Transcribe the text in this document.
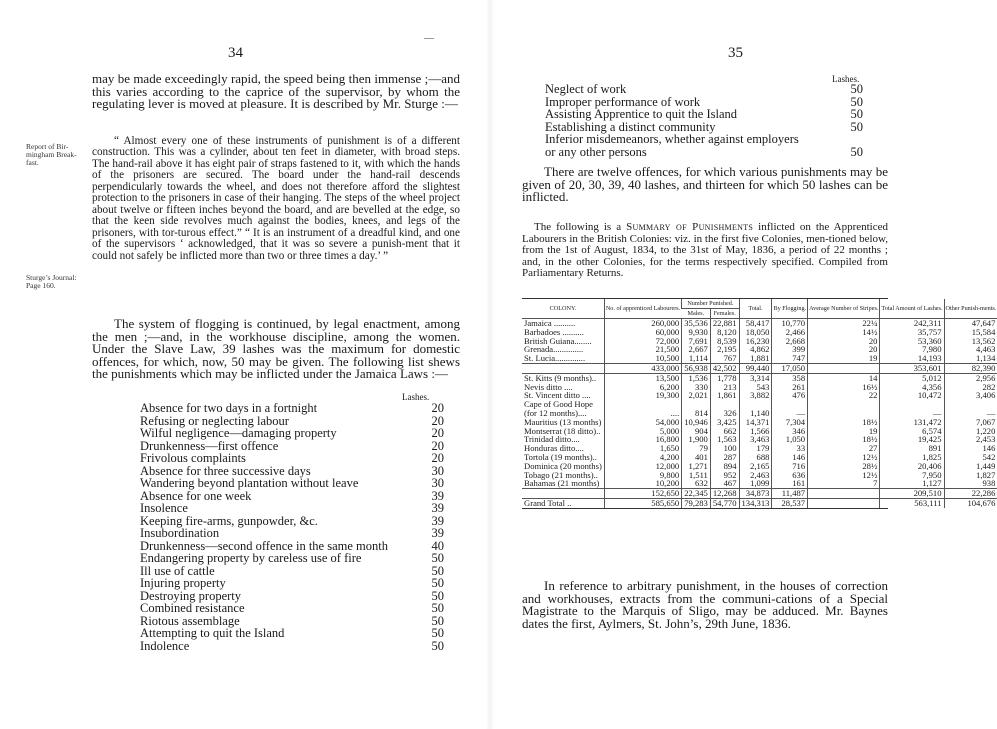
34

may be made exceedingly rapid, the speed being then immense ;—and this varies according to the caprice of the supervisor, by whom the regulating lever is moved at pleasure. It is described by Mr. Sturge :—

Report of Bir-mingham Break-fast.

“ Almost every one of these instruments of punishment is of a different construction. This was a cylinder, about ten feet in diameter, with broad steps. The hand-rail above it has eight pair of straps fastened to it, with which the hands of the prisoners are secured. The board under the hand-rail descends perpendicularly towards the wheel, and does not therefore afford the slightest protection to the prisoners in case of their hanging. The steps of the wheel project about twelve or fifteen inches beyond the board, and are bevelled at the edge, so that the keen side revolves much against the bodies, knees, and legs of the prisoners, with tor-turous effect.” “ It is an instrument of a dreadful kind, and one of the supervisors ‘ acknowledged, that it was so severe a punish-ment that it could not safely be inflicted more than two or three times a day.’ ”

Sturge’s Journal: Page 160.

The system of flogging is continued, by legal enactment, among the men ;—and, in the workhouse discipline, among the women. Under the Slave Law, 39 lashes was the maximum for domestic offences, for which, now, 50 may be given. The following list shews the punishments which may be inflicted under the Jamaica Laws :—

Lashes.
Absence for two days in a fortnight	20
Refusing or neglecting labour	20
Wilful negligence—damaging property	20
Drunkenness—first offence	20
Frivolous complaints	20
Absence for three successive days	30
Wandering beyond plantation without leave	30
Absence for one week	39
Insolence	39
Keeping fire-arms, gunpowder, &c.	39
Insubordination	39
Drunkenness—second offence in the same month	40
Endangering property by careless use of fire	50
Ill use of cattle	50
Injuring property	50
Destroying property	50
Combined resistance	50
Riotous assemblage	50
Attempting to quit the Island	50
Indolence	50
35
Lashes.
Neglect of work	50
Improper performance of work	50
Assisting Apprentice to quit the Island	50
Establishing a distinct community	50
Inferior misdemeanors, whether against employers
or any other persons	50

There are twelve offences, for which various punishments may be given of 20, 30, 39, 40 lashes, and thirteen for which 50 lashes can be inflicted.

The following is a Summary of Punishments inflicted on the Apprenticed Labourers in the British Colonies: viz. in the first five Colonies, men-tioned below, from the 1st of August, 1834, to the 31st of May, 1836, a period of 22 months ; and, in the other Colonies, for the terms respectively specified. Compiled from Parliamentary Returns.
COLONY.	No. of apprenticed Labourers.	Number Punished.		Total.	By Flogging.	Average Number of Stripes.	Total Amount of Lashes.	Other Punish-ments.
		Males.	Females.					
Jamaica ..........	260,000	35,536	22,881	58,417	10,770	22¼	242,311	47,647
Barbadoes ..........	60,000	9,930	8,120	18,050	2,466	14½	35,757	15,584
British Guiana........	72,000	7,691	8,539	16,230	2,668	20	53,360	13,562
Grenada..............	21,500	2,667	2,195	4,862	399	20	7,980	4,463
St. Lucia..............	10,500	1,114	767	1,881	747	19	14,193	1,134
	433,000	56,938	42,502	99,440	17,050		353,601	82,390
St. Kitts (9 months)..	13,500	1,536	1,778	3,314	358	14	5,012	2,956
Nevis ditto ....	6,200	330	213	543	261	16½	4,356	282
St. Vincent ditto ....	19,300	2,021	1,861	3,882	476	22	10,472	3,406
Cape of Good Hope								
(for 12 months)....	....	814	326	1,140	—		—	—
Mauritius (13 months)	54,000	10,946	3,425	14,371	7,304	18½	131,472	7,067
Montserrat (18 ditto)..	5,000	904	662	1,566	346	19	6,574	1,220
Trinidad ditto....	16,800	1,900	1,563	3,463	1,050	18½	19,425	2,453
Honduras ditto....	1,650	79	100	179	33	27	891	146
Tortola (19 months)..	4,200	401	287	688	146	12½	1,825	542
Dominica (20 months)	12,000	1,271	894	2,165	716	28½	20,406	1,449
Tobago (21 months)..	9,800	1,511	952	2,463	636	12½	7,950	1,827
Bahamas (21 months)	10,200	632	467	1,099	161	7	1,127	938
	152,650	22,345	12,268	34,873	11,487		209,510	22,286
Grand Total ..	585,650	79,283	54,770	134,313	28,537		563,111	104,676

In reference to arbitrary punishment, in the houses of correction and workhouses, extracts from the communi-cations of a Special Magistrate to the Marquis of Sligo, may be adduced. Mr. Baynes dates the first, Aylmers, St. John’s, 29th June, 1836.
